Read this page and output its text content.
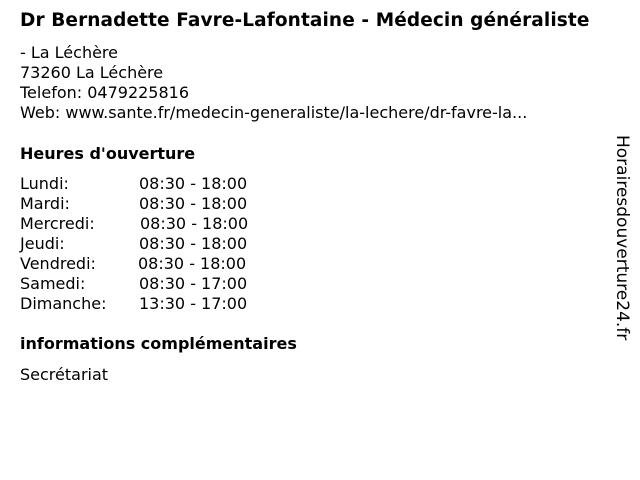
Dr Bernadette Favre-Lafontaine - Médecin généraliste
- La Léchère
73260 La Léchère
Telefon: 0479225816
Web: www.sante.fr/medecin-generaliste/la-lechere/dr-favre-la...
Heures d'ouverture
Lundi:	08:30 - 18:00
Mardi:	08:30 - 18:00
Mercredi:	08:30 - 18:00
Jeudi:	08:30 - 18:00
Vendredi:	08:30 - 18:00
Samedi:	08:30 - 17:00
Dimanche: 13:30 - 17:00
informations complémentaires
Secrétariat
Horairesdouverture24.fr
